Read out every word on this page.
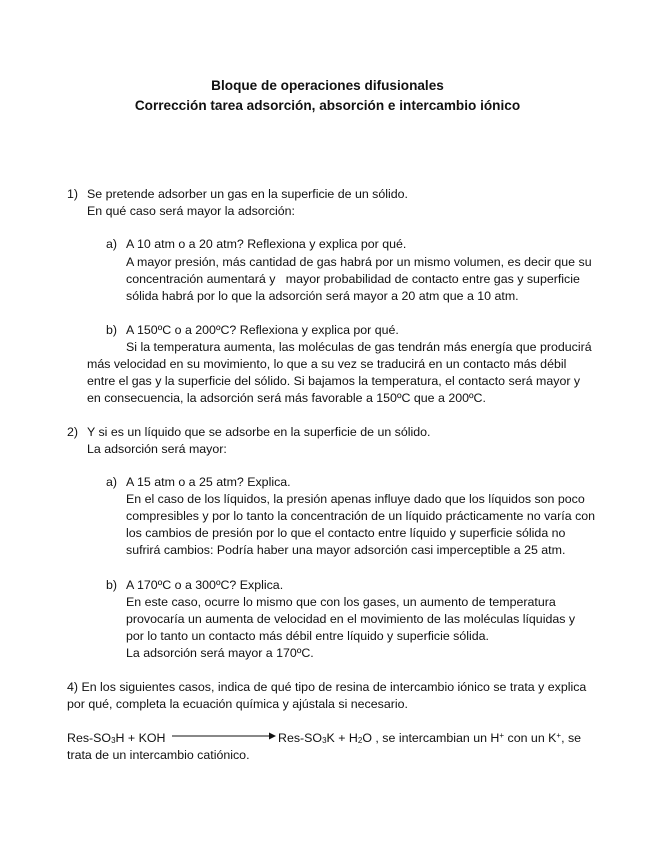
Bloque de operaciones difusionales
Corrección tarea adsorción, absorción e intercambio iónico
1) Se pretende adsorber un gas en la superficie de un sólido.
En qué caso será mayor la adsorción:
a) A 10 atm o a 20 atm? Reflexiona y explica por qué.
A mayor presión, más cantidad de gas habrá por un mismo volumen, es decir que su
concentración aumentará y   mayor probabilidad de contacto entre gas y superficie
sólida habrá por lo que la adsorción será mayor a 20 atm que a 10 atm.
b) A 150ºC o a 200ºC? Reflexiona y explica por qué.
Si la temperatura aumenta, las moléculas de gas tendrán más energía que producirá
más velocidad en su movimiento, lo que a su vez se traducirá en un contacto más débil
entre el gas y la superficie del sólido. Si bajamos la temperatura, el contacto será mayor y
en consecuencia, la adsorción será más favorable a 150ºC que a 200ºC.
2) Y si es un líquido que se adsorbe en la superficie de un sólido.
La adsorción será mayor:
a) A 15 atm o a 25 atm? Explica.
En el caso de los líquidos, la presión apenas influye dado que los líquidos son poco
compresibles y por lo tanto la concentración de un líquido prácticamente no varía con
los cambios de presión por lo que el contacto entre líquido y superficie sólida no
sufrirá cambios: Podría haber una mayor adsorción casi imperceptible a 25 atm.
b) A 170ºC o a 300ºC? Explica.
En este caso, ocurre lo mismo que con los gases, un aumento de temperatura
provocaría un aumenta de velocidad en el movimiento de las moléculas líquidas y
por lo tanto un contacto más débil entre líquido y superficie sólida.
La adsorción será mayor a 170ºC.
4) En los siguientes casos, indica de qué tipo de resina de intercambio iónico se trata y explica
por qué, completa la ecuación química y ajústala si necesario.
Res-$SO_3H$ + KOH	Res-$SO_3K + H_2O$ , se intercambian un H+ con un K+, se
trata de un intercambio catiónico.
